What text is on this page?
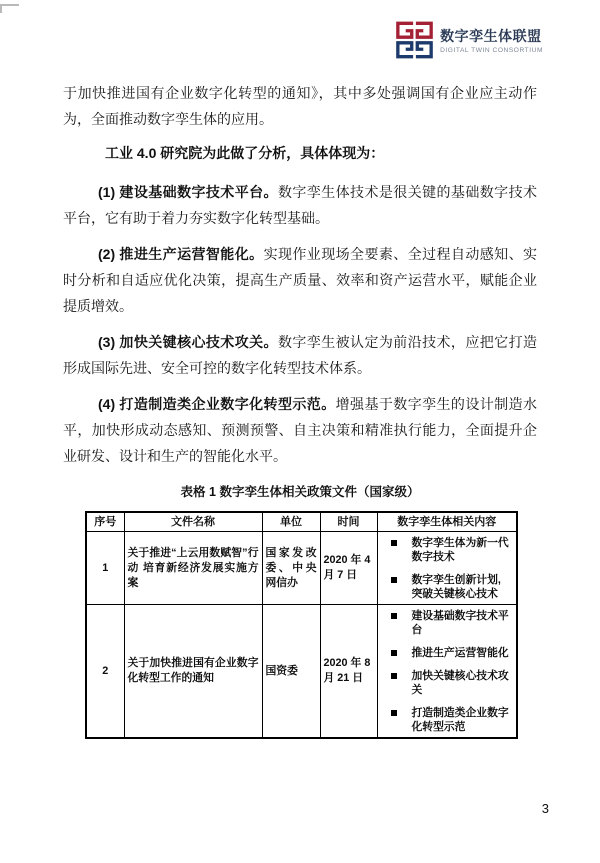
数字孪生体联盟
DIGITAL TWIN CONSORTIUM

于加快推进国有企业数字化转型的通知》，其中多处强调国有企业应主动作为，全面推动数字孪生体的应用。

工业 4.0 研究院为此做了分析，具体体现为：

(1) 建设基础数字技术平台。数字孪生体技术是很关键的基础数字技术平台，它有助于着力夯实数字化转型基础。

(2) 推进生产运营智能化。实现作业现场全要素、全过程自动感知、实时分析和自适应优化决策，提高生产质量、效率和资产运营水平，赋能企业提质增效。

(3) 加快关键核心技术攻关。数字孪生被认定为前沿技术，应把它打造形成国际先进、安全可控的数字化转型技术体系。

(4) 打造制造类企业数字化转型示范。增强基于数字孪生的设计制造水平，加快形成动态感知、预测预警、自主决策和精准执行能力，全面提升企业研发、设计和生产的智能化水平。

表格 1 数字孪生体相关政策文件（国家级）

序号	文件名称	单位	时间	数字孪生体相关内容
1	关于推进“上云用数赋智”行动 培育新经济发展实施方案	国家发改委、中央网信办	2020 年 4 月 7 日	数字孪生体为新一代数字技术
数字孪生创新计划, 突破关键核心技术

2	关于加快推进国有企业数字化转型工作的通知	国资委	2020 年 8 月 21 日	建设基础数字技术平台
推进生产运营智能化
加快关键核心技术攻关
打造制造类企业数字化转型示范
3
